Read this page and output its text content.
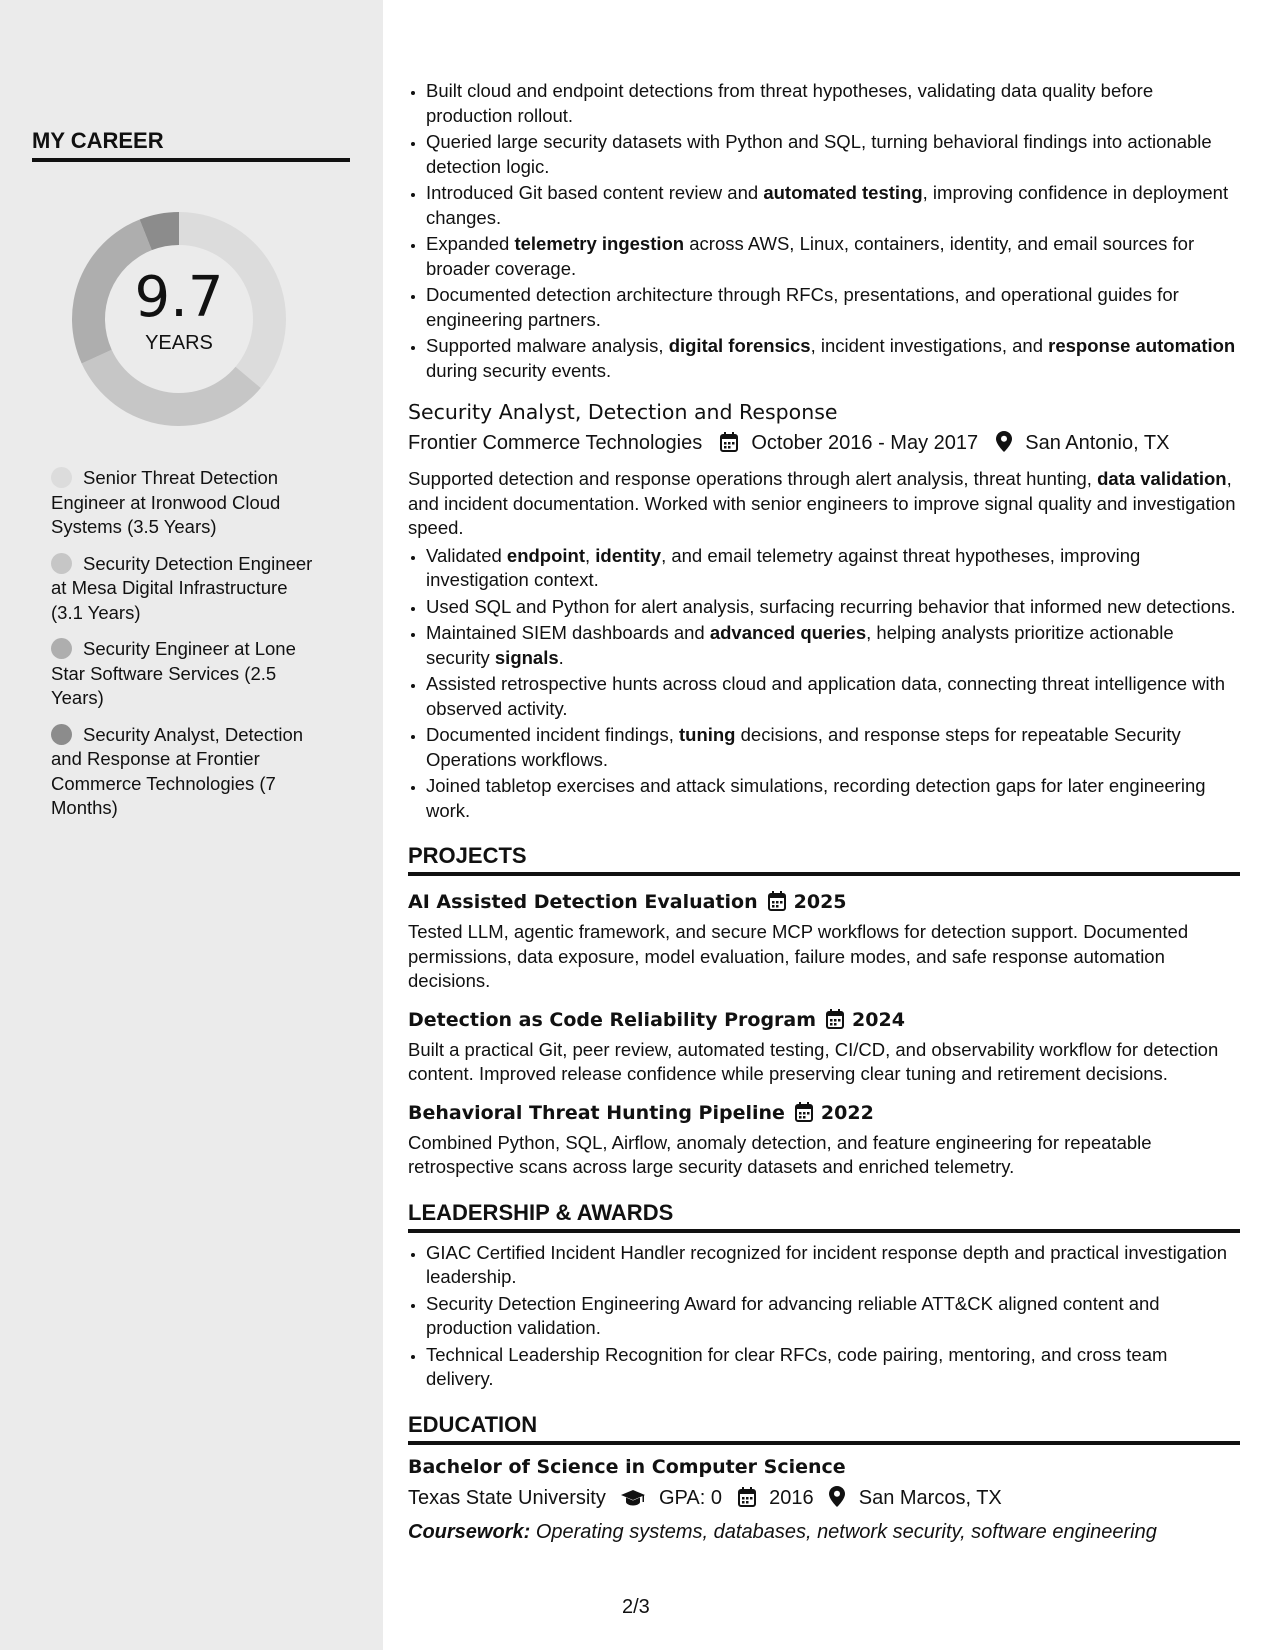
MY CAREER
9.7
YEARS
Senior Threat Detection Engineer at Ironwood Cloud Systems (3.5 Years)
Security Detection Engineer at Mesa Digital Infrastructure (3.1 Years)
Security Engineer at Lone Star Software Services (2.5 Years)
Security Analyst, Detection and Response at Frontier Commerce Technologies (7 Months)
• Built cloud and endpoint detections from threat hypotheses, validating data quality before production rollout.
• Queried large security datasets with Python and SQL, turning behavioral findings into actionable detection logic.
• Introduced Git based content review and automated testing, improving confidence in deployment changes.
• Expanded telemetry ingestion across AWS, Linux, containers, identity, and email sources for broader coverage.
• Documented detection architecture through RFCs, presentations, and operational guides for engineering partners.
• Supported malware analysis, digital forensics, incident investigations, and response automation during security events.
Security Analyst, Detection and Response
Frontier Commerce Technologies October 2016 - May 2017 San Antonio, TX

Supported detection and response operations through alert analysis, threat hunting, data validation, and incident documentation. Worked with senior engineers to improve signal quality and investigation speed.

• Validated endpoint, identity, and email telemetry against threat hypotheses, improving investigation context.
• Used SQL and Python for alert analysis, surfacing recurring behavior that informed new detections.
• Maintained SIEM dashboards and advanced queries, helping analysts prioritize actionable security signals.
• Assisted retrospective hunts across cloud and application data, connecting threat intelligence with observed activity.
• Documented incident findings, tuning decisions, and response steps for repeatable Security Operations workflows.
• Joined tabletop exercises and attack simulations, recording detection gaps for later engineering work.
PROJECTS
AI Assisted Detection Evaluation 2025

Tested LLM, agentic framework, and secure MCP workflows for detection support. Documented permissions, data exposure, model evaluation, failure modes, and safe response automation decisions.

Detection as Code Reliability Program 2024

Built a practical Git, peer review, automated testing, CI/CD, and observability workflow for detection content. Improved release confidence while preserving clear tuning and retirement decisions.

Behavioral Threat Hunting Pipeline 2022

Combined Python, SQL, Airflow, anomaly detection, and feature engineering for repeatable retrospective scans across large security datasets and enriched telemetry.

LEADERSHIP & AWARDS
• GIAC Certified Incident Handler recognized for incident response depth and practical investigation leadership.
• Security Detection Engineering Award for advancing reliable ATT&CK aligned content and production validation.
• Technical Leadership Recognition for clear RFCs, code pairing, mentoring, and cross team delivery.
EDUCATION
Bachelor of Science in Computer Science
Texas State University	GPA: 0 2016 San Marcos, TX
Coursework: Operating systems, databases, network security, software engineering
2/3
